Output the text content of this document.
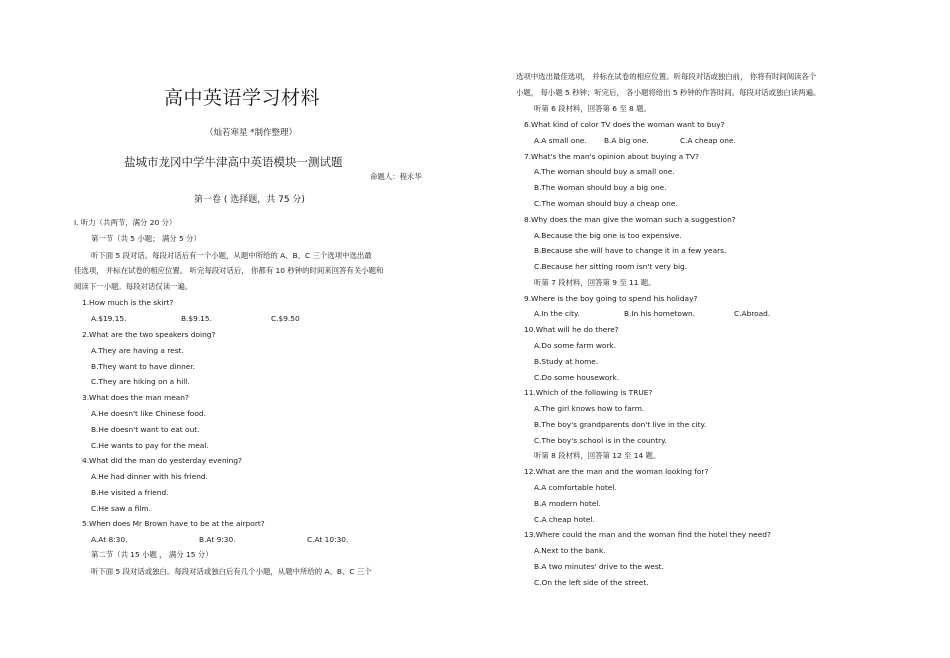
高中英语学习材料
（灿若寒星 *制作整理）
盐城市龙冈中学牛津高中英语模块一测试题
命题人：程永华
第一卷 ( 选择题，共 75 分)
I. 听力（共两节，满分 20 分）
第一节（共 5 小题； 满分 5 分）
听下面 5 段对话。每段对话后有一个小题，从题中所给的 A、B、C 三个选项中选出最
佳选项， 并标在试卷的相应位置。 听完每段对话后， 你都有 10 秒钟的时间来回答有关小题和
阅读下一小题。每段对话仅读一遍。
1.How much is the skirt?
A.$19.15.	B.$9.15.	C.$9.50
2.What are the two speakers doing?
A.They are having a rest.
B.They want to have dinner.
C.They are hiking on a hill.
3.What does the man mean?
A.He doesn't like Chinese food.
B.He doesn't want to eat out.
C.He wants to pay for the meal.
4.What did the man do yesterday evening?
A.He had dinner with his friend.
B.He visited a friend.
C.He saw a film.
5.When does Mr Brown have to be at the airport?
A.At 8:30.	B.At 9:30.	C.At 10:30.
第二节（共 15 小题 ， 满分 15 分）
听下面 5 段对话或独白。每段对话或独白后有几个小题，从题中所给的 A、B、C 三个
选项中选出最佳选项， 并标在试卷的相应位置。听每段对话或独白前， 你将有时间阅读各个
小题， 每小题 5 秒钟；听完后， 各小题将给出 5 秒钟的作答时间。每段对话或独白读两遍。
听第 6 段材料，回答第 6 至 8 题。
6.What kind of color TV does the woman want to buy?
A.A small one. B.A big one.	C.A cheap one.
7.What's the man's opinion about buying a TV?
A.The woman should buy a small one.
B.The woman should buy a big one.
C.The woman should buy a cheap one.
8.Why does the man give the woman such a suggestion?
A.Because the big one is too expensive.
B.Because she will have to change it in a few years.
C.Because her sitting room isn't very big.
听第 7 段材料，回答第 9 至 11 题。
9.Where is the boy going to spend his holiday?
A.In the city.	B.In his hometown.	C.Abroad.
10.What will he do there?
A.Do some farm work.
B.Study at home.
C.Do some housework.
11.Which of the following is TRUE?
A.The girl knows how to farm.
B.The boy's grandparents don't live in the city.
C.The boy's school is in the country.
听第 8 段材料，回答第 12 至 14 题。
12.What are the man and the woman looking for?
A.A comfortable hotel.
B.A modern hotel.
C.A cheap hotel.
13.Where could the man and the woman find the hotel they need?
A.Next to the bank.
B.A two minutes' drive to the west.
C.On the left side of the street.
